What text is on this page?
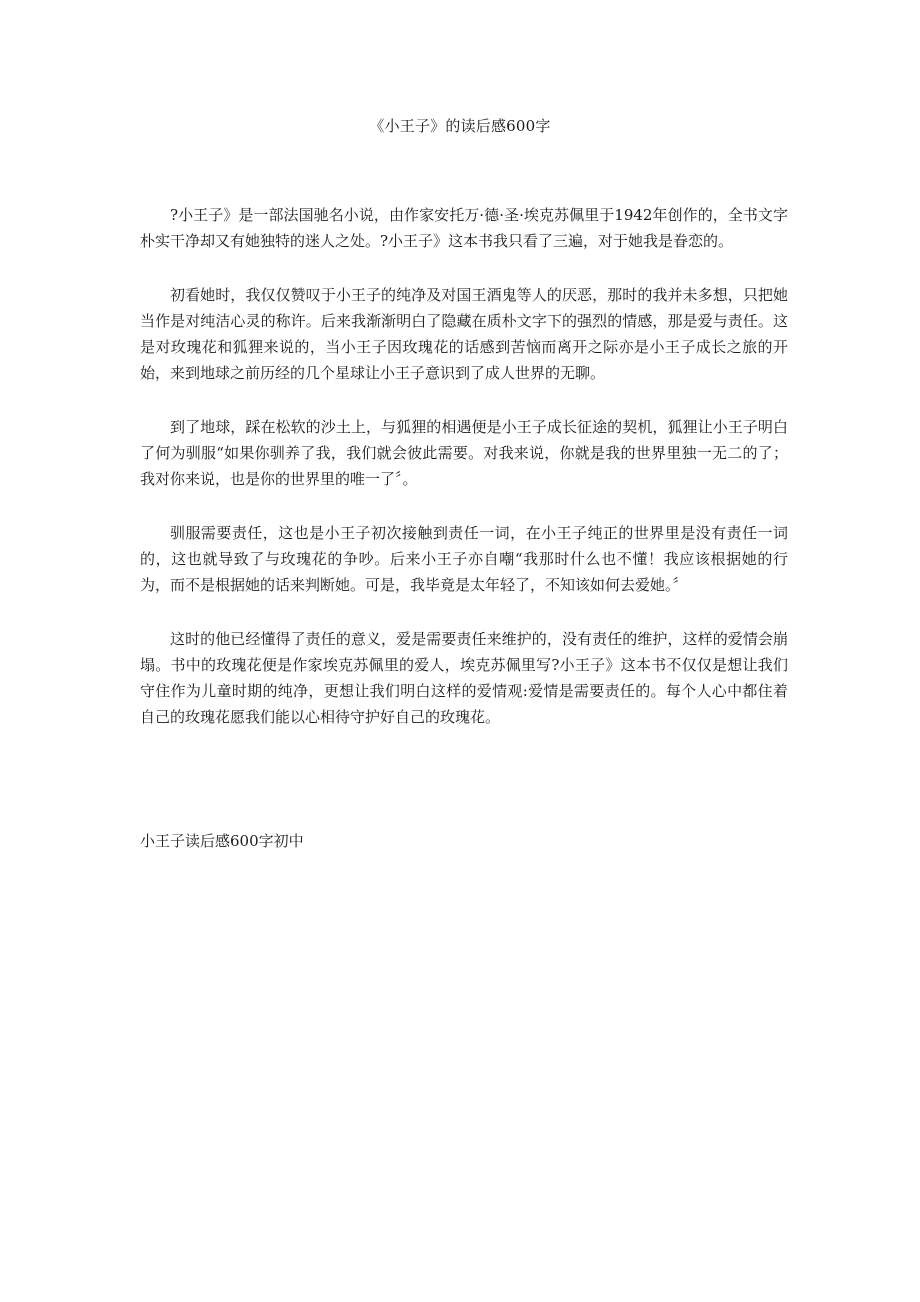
《小王子》的读后感600字

?小王子》是一部法国驰名小说，由作家安托万·德·圣·埃克苏佩里于1942年创作的，全书文字朴实干净却又有她独特的迷人之处。?小王子》这本书我只看了三遍，对于她我是眷恋的。

初看她时，我仅仅赞叹于小王子的纯净及对国王酒鬼等人的厌恶，那时的我并未多想，只把她当作是对纯洁心灵的称许。后来我渐渐明白了隐藏在质朴文字下的强烈的情感，那是爱与责任。这是对玫瑰花和狐狸来说的，当小王子因玫瑰花的话感到苦恼而离开之际亦是小王子成长之旅的开始，来到地球之前历经的几个星球让小王子意识到了成人世界的无聊。

到了地球，踩在松软的沙土上，与狐狸的相遇便是小王子成长征途的契机，狐狸让小王子明白了何为驯服“如果你驯养了我，我们就会彼此需要。对我来说，你就是我的世界里独一无二的了；我对你来说，也是你的世界里的唯一了〞。

驯服需要责任，这也是小王子初次接触到责任一词，在小王子纯正的世界里是没有责任一词的，这也就导致了与玫瑰花的争吵。后来小王子亦自嘲“我那时什么也不懂！我应该根据她的行为，而不是根据她的话来判断她。可是，我毕竟是太年轻了，不知该如何去爱她。〞

这时的他已经懂得了责任的意义，爱是需要责任来维护的，没有责任的维护，这样的爱情会崩塌。书中的玫瑰花便是作家埃克苏佩里的爱人，埃克苏佩里写?小王子》这本书不仅仅是想让我们守住作为儿童时期的纯净，更想让我们明白这样的爱情观:爱情是需要责任的。每个人心中都住着自己的玫瑰花愿我们能以心相待守护好自己的玫瑰花。

小王子读后感600字初中
